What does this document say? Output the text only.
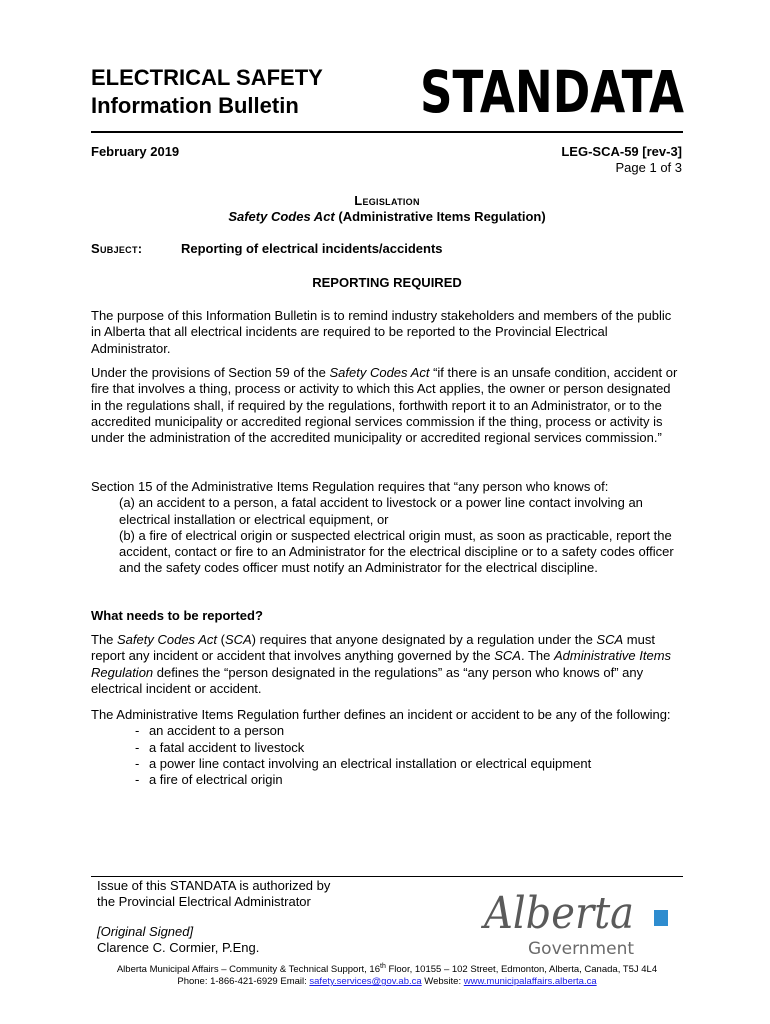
ELECTRICAL SAFETY
Information Bulletin	STANDATA
February 2019	LEG-SCA-59 [rev-3]
Page 1 of 3
Legislation
Safety Codes Act (Administrative Items Regulation)
Subject:	Reporting of electrical incidents/accidents
REPORTING REQUIRED
The purpose of this Information Bulletin is to remind industry stakeholders and members of the public in Alberta that all electrical incidents are required to be reported to the Provincial Electrical Administrator.
Under the provisions of Section 59 of the Safety Codes Act “if there is an unsafe condition, accident or fire that involves a thing, process or activity to which this Act applies, the owner or person designated in the regulations shall, if required by the regulations, forthwith report it to an Administrator, or to the accredited municipality or accredited regional services commission if the thing, process or activity is under the administration of the accredited municipality or accredited regional services commission.”
Section 15 of the Administrative Items Regulation requires that “any person who knows of:
(a) an accident to a person, a fatal accident to livestock or a power line contact involving an electrical installation or electrical equipment, or
(b) a fire of electrical origin or suspected electrical origin must, as soon as practicable, report the accident, contact or fire to an Administrator for the electrical discipline or to a safety codes officer and the safety codes officer must notify an Administrator for the electrical discipline.
What needs to be reported?
The Safety Codes Act (SCA) requires that anyone designated by a regulation under the SCA must report any incident or accident that involves anything governed by the SCA. The Administrative Items Regulation defines the “person designated in the regulations” as “any person who knows of” any electrical incident or accident.
The Administrative Items Regulation further defines an incident or accident to be any of the following:
- an accident to a person
- a fatal accident to livestock
- a power line contact involving an electrical installation or electrical equipment
- a fire of electrical origin
Issue of this STANDATA is authorized by
the Provincial Electrical Administrator
[Original Signed]
Clarence C. Cormier, P.Eng.
Alberta
Government
Alberta Municipal Affairs – Community & Technical Support, 16th Floor, 10155 – 102 Street, Edmonton, Alberta, Canada, T5J 4L4
Phone: 1-866-421-6929 Email: safety.services@gov.ab.ca Website: www.municipalaffairs.alberta.ca
